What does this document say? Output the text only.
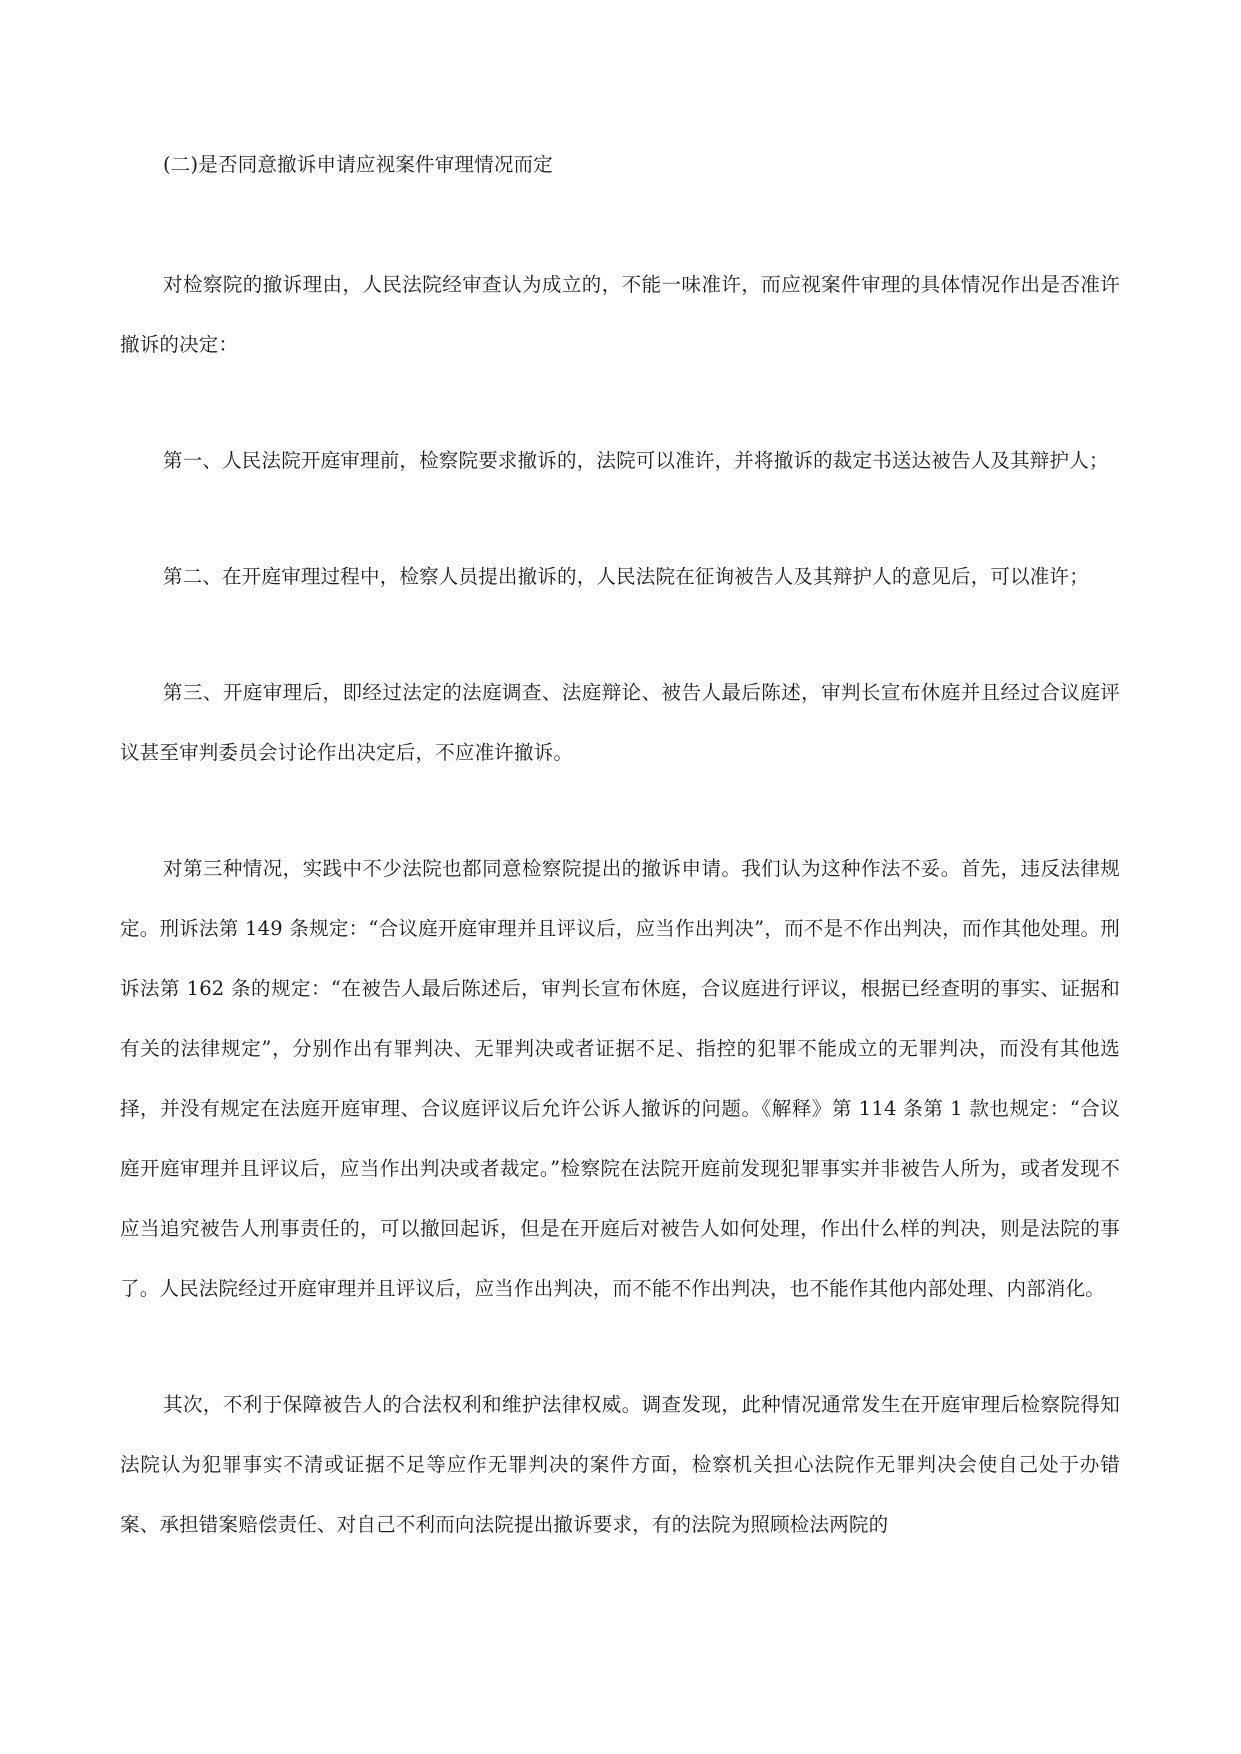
(二)是否同意撤诉申请应视案件审理情况而定

对检察院的撤诉理由，人民法院经审查认为成立的，不能一味准许，而应视案件审理的具体情况作出是否准许撤诉的决定：

第一、人民法院开庭审理前，检察院要求撤诉的，法院可以准许，并将撤诉的裁定书送达被告人及其辩护人；

第二、在开庭审理过程中，检察人员提出撤诉的，人民法院在征询被告人及其辩护人的意见后，可以准许；

第三、开庭审理后，即经过法定的法庭调查、法庭辩论、被告人最后陈述，审判长宣布休庭并且经过合议庭评议甚至审判委员会讨论作出决定后，不应准许撤诉。

对第三种情况，实践中不少法院也都同意检察院提出的撤诉申请。我们认为这种作法不妥。首先，违反法律规定。刑诉法第 149 条规定：“合议庭开庭审理并且评议后，应当作出判决”，而不是不作出判决，而作其他处理。刑诉法第 162 条的规定：“在被告人最后陈述后，审判长宣布休庭，合议庭进行评议，根据已经查明的事实、证据和有关的法律规定”，分别作出有罪判决、无罪判决或者证据不足、指控的犯罪不能成立的无罪判决，而没有其他选择，并没有规定在法庭开庭审理、合议庭评议后允许公诉人撤诉的问题。《解释》第 114 条第 1 款也规定：“合议庭开庭审理并且评议后，应当作出判决或者裁定。”检察院在法院开庭前发现犯罪事实并非被告人所为，或者发现不应当追究被告人刑事责任的，可以撤回起诉，但是在开庭后对被告人如何处理，作出什么样的判决，则是法院的事了。人民法院经过开庭审理并且评议后，应当作出判决，而不能不作出判决，也不能作其他内部处理、内部消化。

其次，不利于保障被告人的合法权利和维护法律权威。调查发现，此种情况通常发生在开庭审理后检察院得知法院认为犯罪事实不清或证据不足等应作无罪判决的案件方面，检察机关担心法院作无罪判决会使自己处于办错案、承担错案赔偿责任、对自己不利而向法院提出撤诉要求，有的法院为照顾检法两院的
